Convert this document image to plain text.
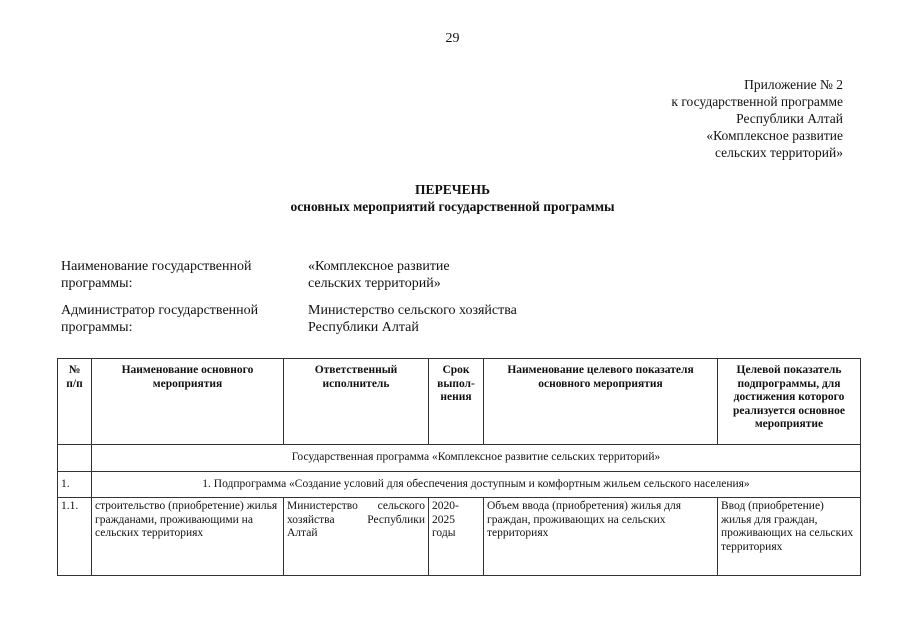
29
Приложение № 2
к государственной программе
Республики Алтай
«Комплексное развитие
сельских территорий»
ПЕРЕЧЕНЬ
основных мероприятий государственной программы
Наименование государственной
программы:
«Комплексное развитие
сельских территорий»
Администратор государственной
программы:
Министерство сельского хозяйства
Республики Алтай
№
п/п	Наименование основного мероприятия	Ответственный исполнитель	Срок выпол-нения	Наименование целевого показателя основного мероприятия	Целевой показатель подпрограммы, для достижения которого реализуется основное мероприятие
	Государственная программа «Комплексное развитие сельских территорий»				
1.	1. Подпрограмма «Создание условий для обеспечения доступным и комфортным жильем сельского населения»				
1.1.	строительство (приобретение) жилья гражданами, проживающими на сельских территориях	Министерство сельского
хозяйства Республики
Алтай	2020-2025 годы	Объем ввода (приобретения) жилья для граждан, проживающих на сельских территориях	Ввод (приобретение) жилья для граждан, проживающих на сельских территориях
